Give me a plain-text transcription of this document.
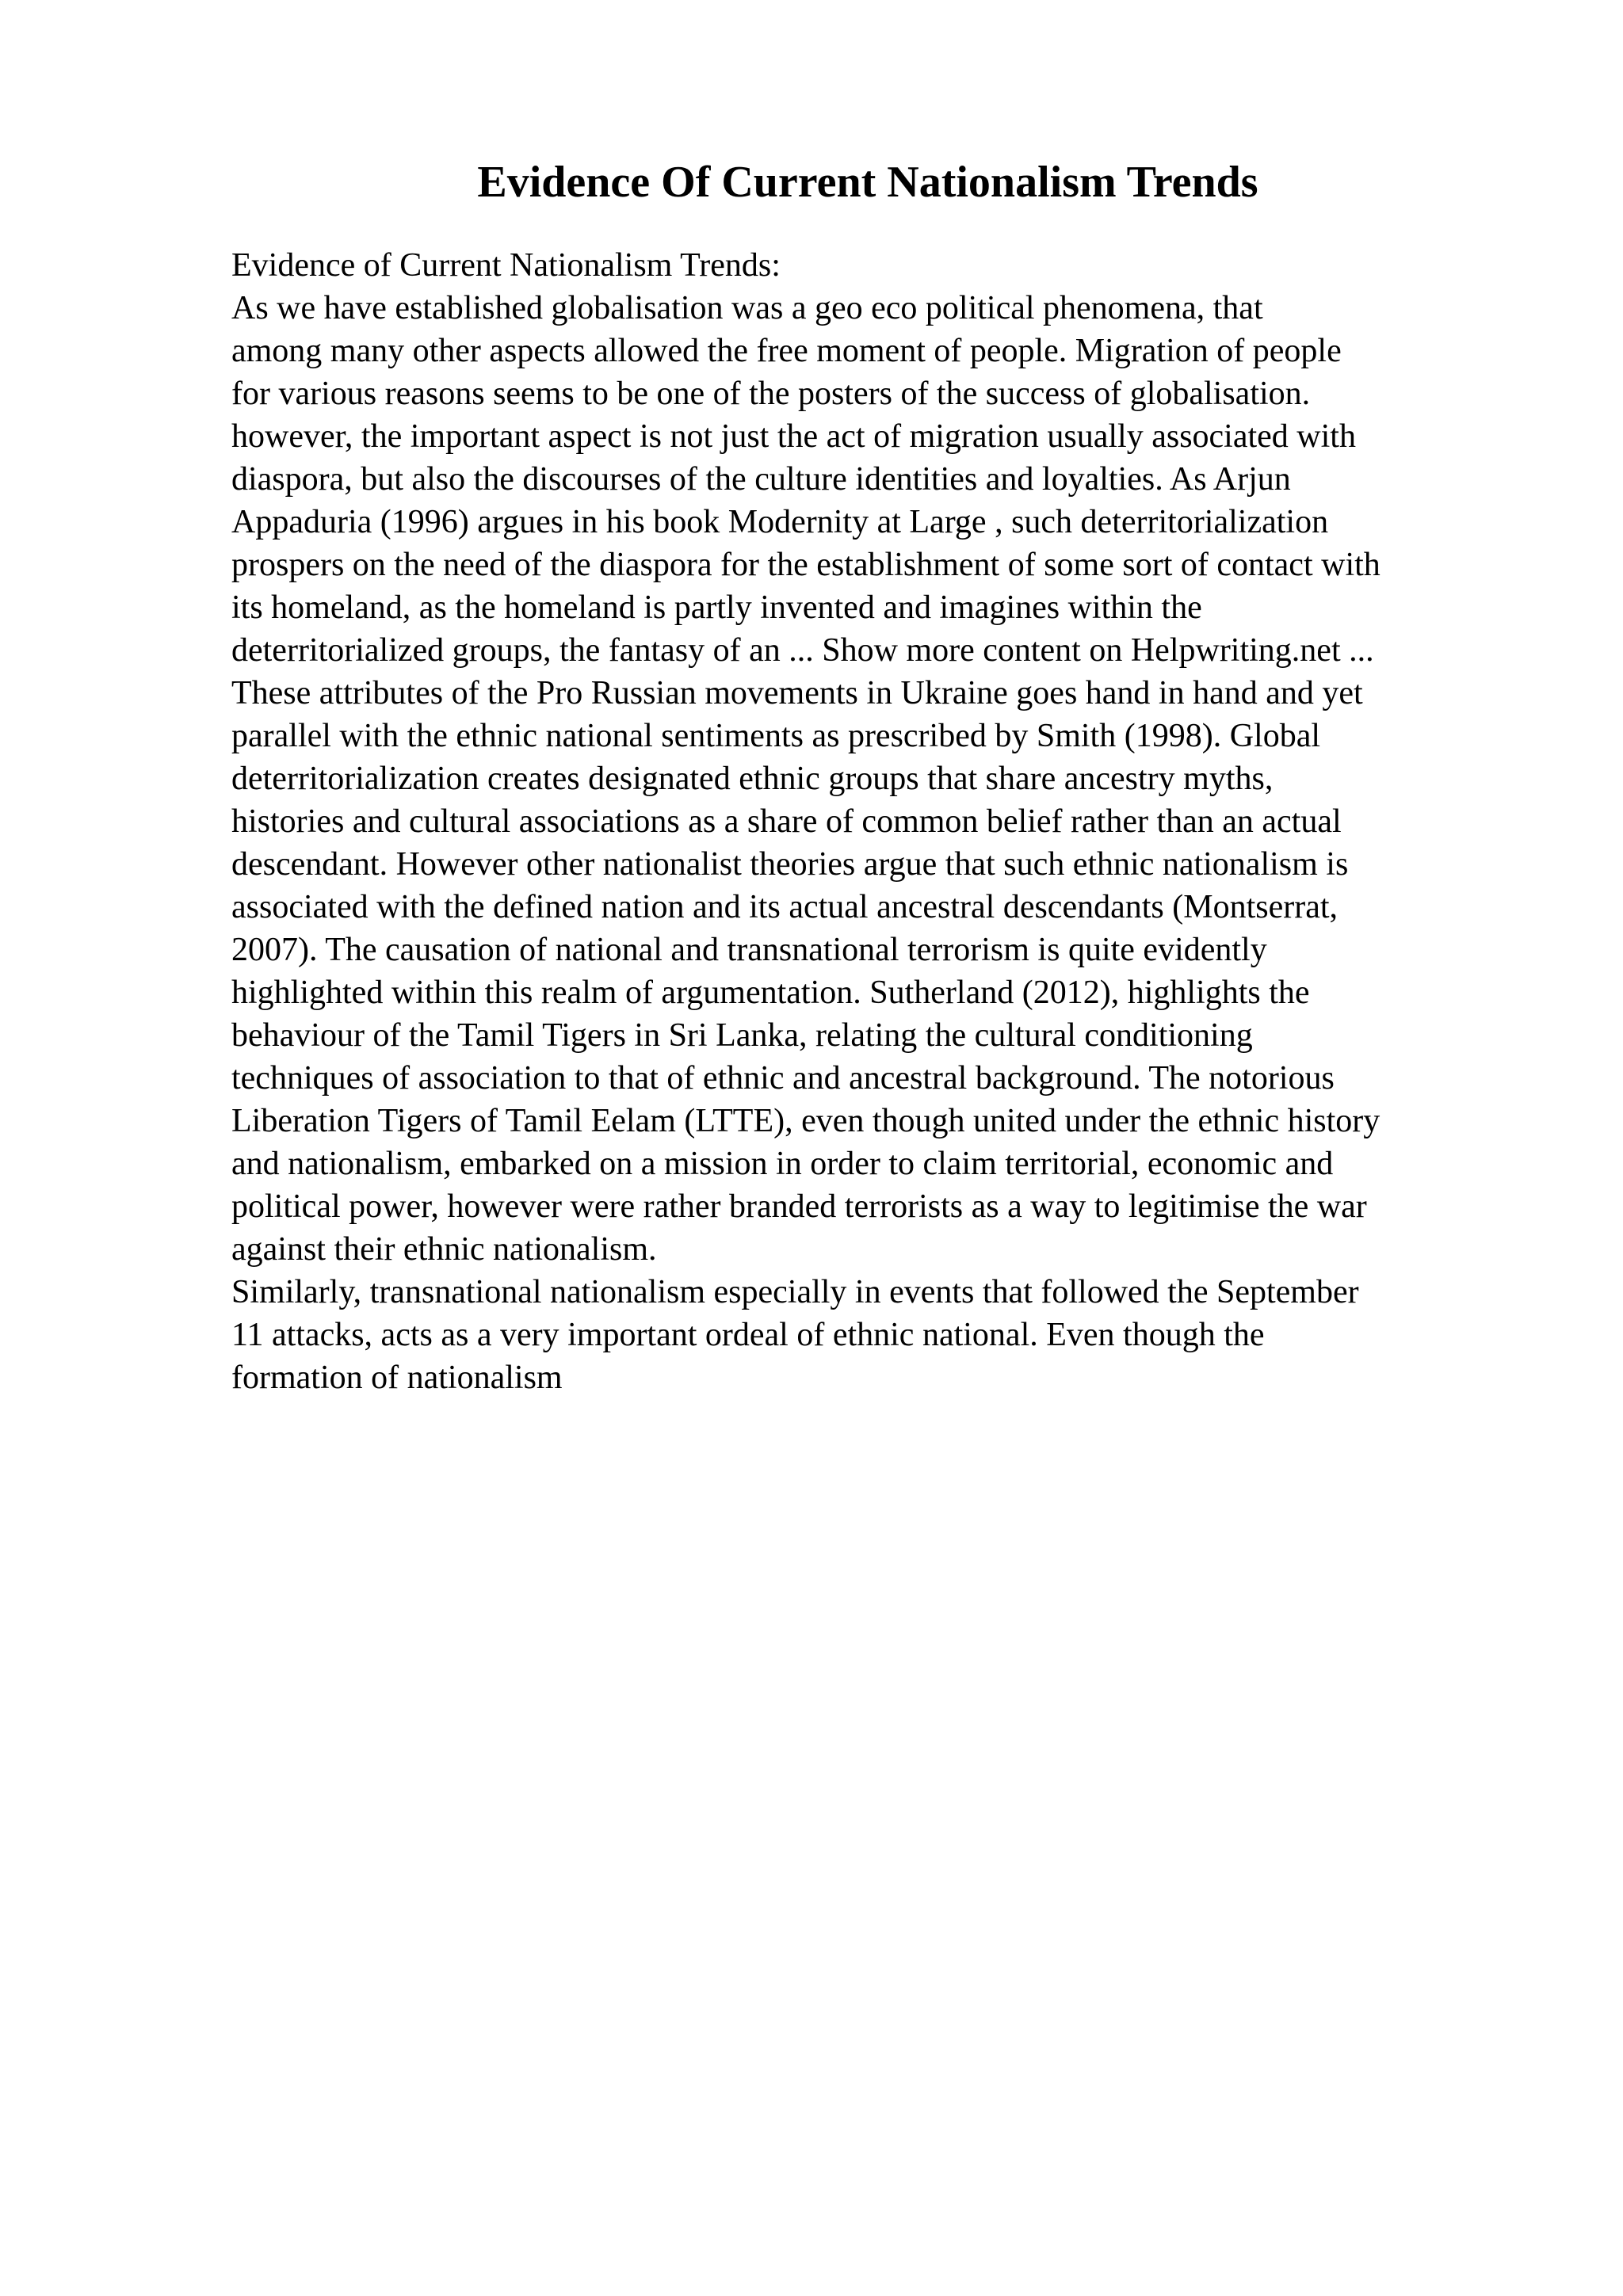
Evidence Of Current Nationalism Trends
Evidence of Current Nationalism Trends:
As we have established globalisation was a geo eco political phenomena, that
among many other aspects allowed the free moment of people. Migration of people
for various reasons seems to be one of the posters of the success of globalisation.
however, the important aspect is not just the act of migration usually associated with
diaspora, but also the discourses of the culture identities and loyalties. As Arjun
Appaduria (1996) argues in his book Modernity at Large , such deterritorialization
prospers on the need of the diaspora for the establishment of some sort of contact with
its homeland, as the homeland is partly invented and imagines within the
deterritorialized groups, the fantasy of an ... Show more content on Helpwriting.net ...
These attributes of the Pro Russian movements in Ukraine goes hand in hand and yet
parallel with the ethnic national sentiments as prescribed by Smith (1998). Global
deterritorialization creates designated ethnic groups that share ancestry myths,
histories and cultural associations as a share of common belief rather than an actual
descendant. However other nationalist theories argue that such ethnic nationalism is
associated with the defined nation and its actual ancestral descendants (Montserrat,
2007). The causation of national and transnational terrorism is quite evidently
highlighted within this realm of argumentation. Sutherland (2012), highlights the
behaviour of the Tamil Tigers in Sri Lanka, relating the cultural conditioning
techniques of association to that of ethnic and ancestral background. The notorious
Liberation Tigers of Tamil Eelam (LTTE), even though united under the ethnic history
and nationalism, embarked on a mission in order to claim territorial, economic and
political power, however were rather branded terrorists as a way to legitimise the war
against their ethnic nationalism.
Similarly, transnational nationalism especially in events that followed the September
11 attacks, acts as a very important ordeal of ethnic national. Even though the
formation of nationalism
